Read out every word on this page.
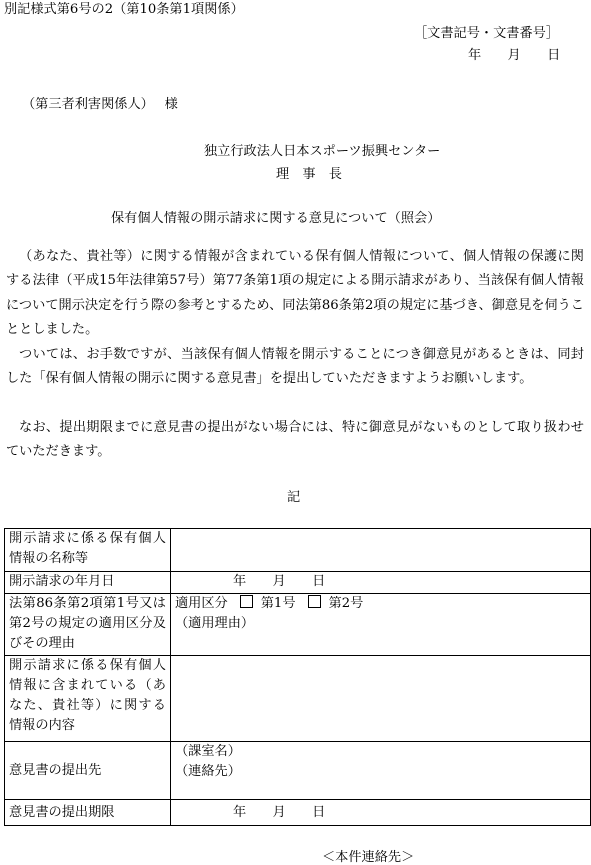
別記様式第6号の2（第10条第1項関係）
［文書記号・文書番号］
年　　月　　日
（第三者利害関係人）　 様
独立行政法人日本スポーツ振興センター
理　事　長
保有個人情報の開示請求に関する意見について（照会）
（あなた、貴社等）に関する情報が含まれている保有個人情報について、個人情報の保護に関する法律（平成15年法律第57号）第77条第1項の規定による開示請求があり、当該保有個人情報について開示決定を行う際の参考とするため、同法第86条第2項の規定に基づき、御意見を伺うこととしました。
ついては、お手数ですが、当該保有個人情報を開示することにつき御意見があるときは、同封した「保有個人情報の開示に関する意見書」を提出していただきますようお願いします。
なお、提出期限までに意見書の提出がない場合には、特に御意見がないものとして取り扱わせていただきます。
記
開示請求に係る保有個人情報の名称等	
開示請求の年月日	年　　月　　日
法第86条第2項第1号又は第2号の規定の適用区分及びその理由	適用区分 第1号 第2号
（適用理由）

開示請求に係る保有個人情報に含まれている（あなた、貴社等）に関する情報の内容	
意見書の提出先	（課室名）
（連絡先）

意見書の提出期限	年　　月　　日
＜本件連絡先＞
